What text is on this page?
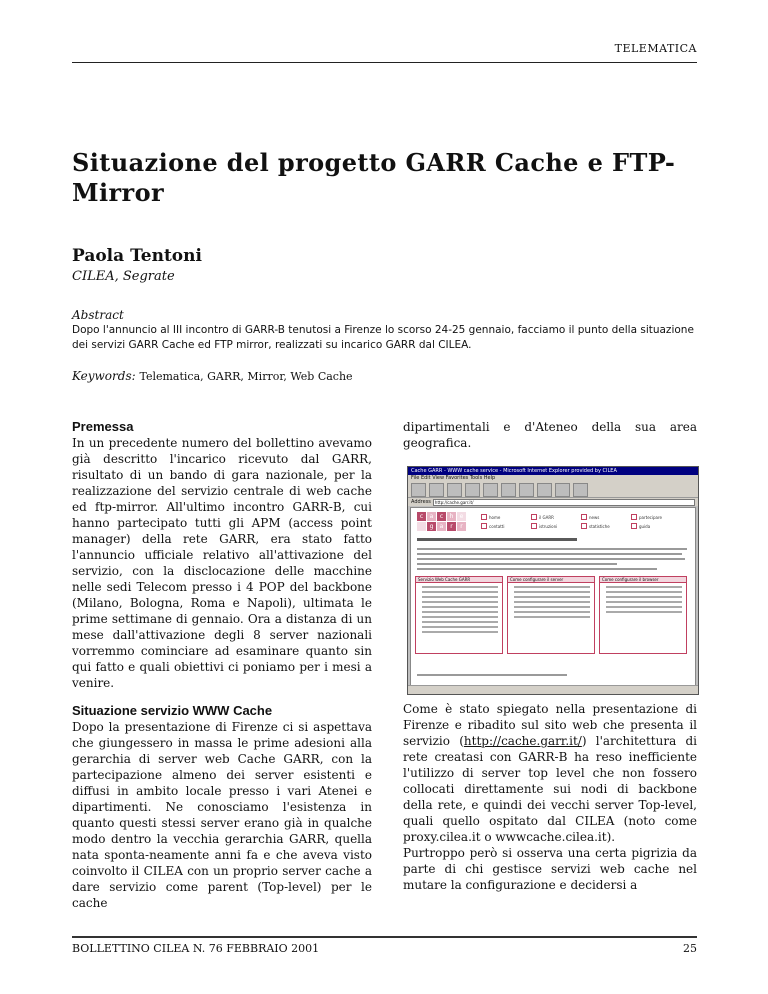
TELEMATICA
Situazione del progetto GARR Cache e FTP-Mirror
Paola Tentoni
CILEA, Segrate
Abstract
Dopo l'annuncio al III incontro di GARR-B tenutosi a Firenze lo scorso 24-25 gennaio, facciamo il punto della situazione dei servizi GARR Cache ed FTP mirror, realizzati su incarico GARR dal CILEA.
Keywords: Telematica, GARR, Mirror, Web Cache
Premessa

In un precedente numero del bollettino avevamo già descritto l'incarico ricevuto dal GARR, risultato di un bando di gara nazionale, per la realizzazione del servizio centrale di web cache ed ftp-mirror. All'ultimo incontro GARR-B, cui hanno partecipato tutti gli APM (access point manager) della rete GARR, era stato fatto l'annuncio ufficiale relativo all'attivazione del servizio, con la disclocazione delle macchine nelle sedi Telecom presso i 4 POP del backbone (Milano, Bologna, Roma e Napoli), ultimata le prime settimane di gennaio. Ora a distanza di un mese dall'attivazione degli 8 server nazionali vorremmo cominciare ad esaminare quanto sin qui fatto e quali obiettivi ci poniamo per i mesi a venire.

Situazione servizio WWW Cache

Dopo la presentazione di Firenze ci si aspettava che giungessero in massa le prime adesioni alla gerarchia di server web Cache GARR, con la partecipazione almeno dei server esistenti e diffusi in ambito locale presso i vari Atenei e dipartimenti. Ne conosciamo l'esistenza in quanto questi stessi server erano già in qualche modo dentro la vecchia gerarchia GARR, quella nata sponta-neamente anni fa e che aveva visto coinvolto il CILEA con un proprio server cache a dare servizio come parent (Top-level) per le cache

dipartimentali e d'Ateneo della sua area geografica.

Cache GARR - WWW cache service - Microsoft Internet Explorer provided by CILEA
File Edit View Favorites Tools Help
Address	http://cache.garr.it/
c	a	c	h	e
g	a	r	r
home	il GARR	news	partecipare
contatti	istruzioni	statistiche	guida
Servizio Web Cache GARR	Come configurare il server	Come configurare il browser

Come è stato spiegato nella presentazione di Firenze e ribadito sul sito web che presenta il servizio (http://cache.garr.it/) l'architettura di rete creatasi con GARR-B ha reso inefficiente l'utilizzo di server top level che non fossero collocati direttamente sui nodi di backbone della rete, e quindi dei vecchi server Top-level, quali quello ospitato dal CILEA (noto come proxy.cilea.it o wwwcache.cilea.it).

Purtroppo però si osserva una certa pigrizia da parte di chi gestisce servizi web cache nel mutare la configurazione e decidersi a

BOLLETTINO CILEA N. 76 FEBBRAIO 2001	25
